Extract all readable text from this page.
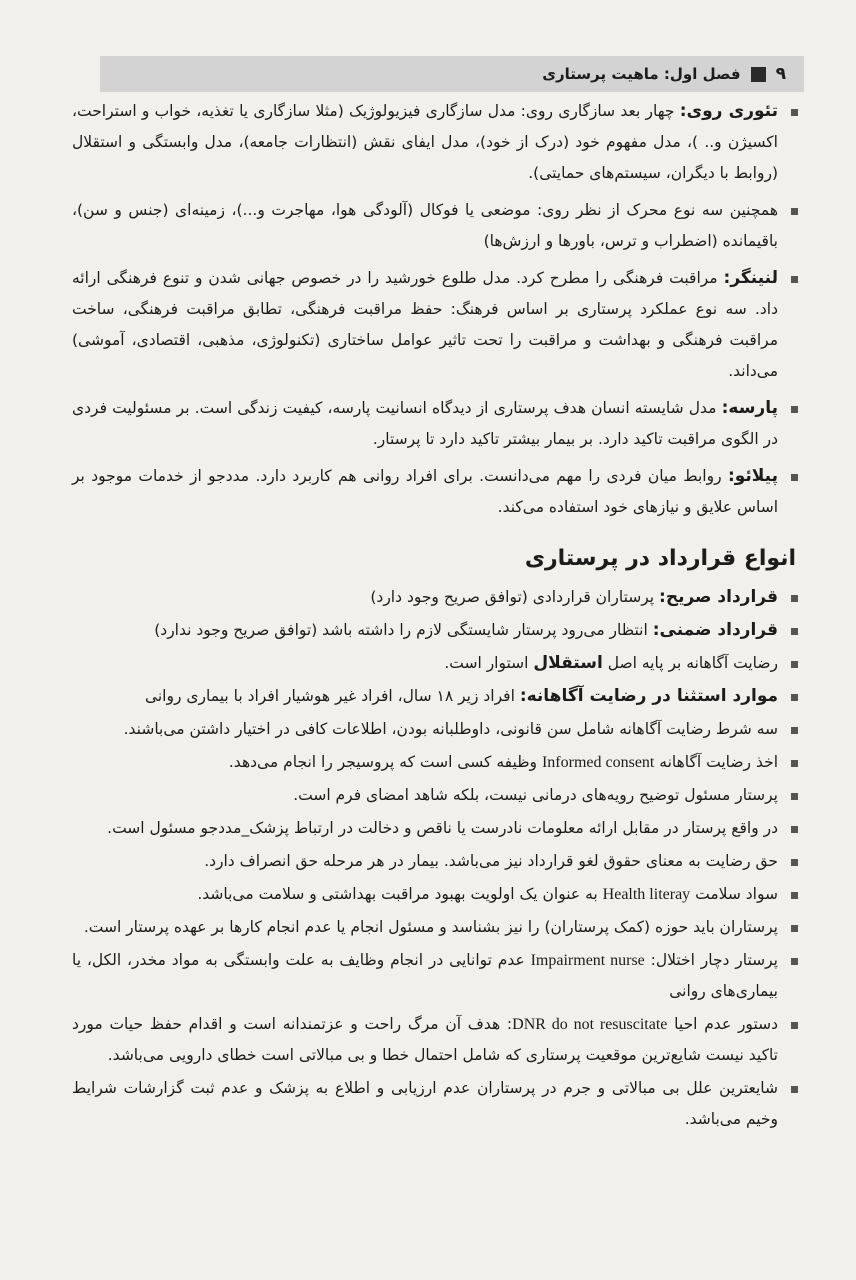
۹
فصل اول: ماهیت پرستاری
تئوری روی: چهار بعد سازگاری روی: مدل سازگاری فیزیولوژیک (مثلا سازگاری یا تغذیه، خواب و استراحت، اکسیژن و.. )، مدل مفهوم خود (درک از خود)، مدل ایفای نقش (انتظارات جامعه)، مدل وابستگی و استقلال (روابط با دیگران، سیستم‌های حمایتی).
همچنین سه نوع محرک از نظر روی: موضعی یا فوکال (آلودگی هوا، مهاجرت و...)، زمینه‌ای (جنس و سن)، باقیمانده (اضطراب و ترس، باورها و ارزش‌ها)
لنینگر: مراقبت فرهنگی را مطرح کرد. مدل طلوع خورشید را در خصوص جهانی شدن و تنوع فرهنگی ارائه داد. سه نوع عملکرد پرستاری بر اساس فرهنگ: حفظ مراقبت فرهنگی، تطابق مراقبت فرهنگی، ساخت مراقبت فرهنگی و بهداشت و مراقبت را تحت تاثیر عوامل ساختاری (تکنولوژی، مذهبی، اقتصادی، آموشی) می‌داند.
پارسه: مدل شایسته انسان هدف پرستاری از دیدگاه انسانیت پارسه، کیفیت زندگی است. بر مسئولیت فردی در الگوی مراقبت تاکید دارد. بر بیمار بیشتر تاکید دارد تا پرستار.
پیلائو: روابط میان فردی را مهم می‌دانست. برای افراد روانی هم کاربرد دارد. مددجو از خدمات موجود بر اساس علایق و نیازهای خود استفاده می‌کند.
انواع قرارداد در پرستاری
قرارداد صریح: پرستاران قراردادی (توافق صریح وجود دارد)
قرارداد ضمنی: انتظار می‌رود پرستار شایستگی لازم را داشته باشد (توافق صریح وجود ندارد)
رضایت آگاهانه بر پایه اصل استقلال استوار است.
موارد استثنا در رضایت آگاهانه: افراد زیر ۱۸ سال، افراد غیر هوشیار افراد با بیماری روانی
سه شرط رضایت آگاهانه شامل سن قانونی، داوطلبانه بودن، اطلاعات کافی در اختیار داشتن می‌باشند.
اخذ رضایت آگاهانه Informed consent وظیفه کسی است که پروسیجر را انجام می‌دهد.
پرستار مسئول توضیح رویه‌های درمانی نیست، بلکه شاهد امضای فرم است.
در واقع پرستار در مقابل ارائه معلومات نادرست یا ناقص و دخالت در ارتباط پزشک_مددجو مسئول است.
حق رضایت به معنای حقوق لغو قرارداد نیز می‌باشد. بیمار در هر مرحله حق انصراف دارد.
سواد سلامت Health literay به عنوان یک اولویت بهبود مراقبت بهداشتی و سلامت می‌باشد.
پرستاران باید حوزه (کمک پرستاران) را نیز بشناسد و مسئول انجام یا عدم انجام کارها بر عهده پرستار است.
پرستار دچار اختلال: Impairment nurse عدم توانایی در انجام وظایف به علت وابستگی به مواد مخدر، الکل، یا بیماری‌های روانی
دستور عدم احیا DNR do not resuscitate: هدف آن مرگ راحت و عزتمندانه است و اقدام حفظ حیات مورد تاکید نیست شایع‌ترین موقعیت پرستاری که شامل احتمال خطا و بی مبالاتی است خطای دارویی می‌باشد.
شایعترین علل بی مبالاتی و جرم در پرستاران عدم ارزیابی و اطلاع به پزشک و عدم ثبت گزارشات شرایط وخیم می‌باشد.
